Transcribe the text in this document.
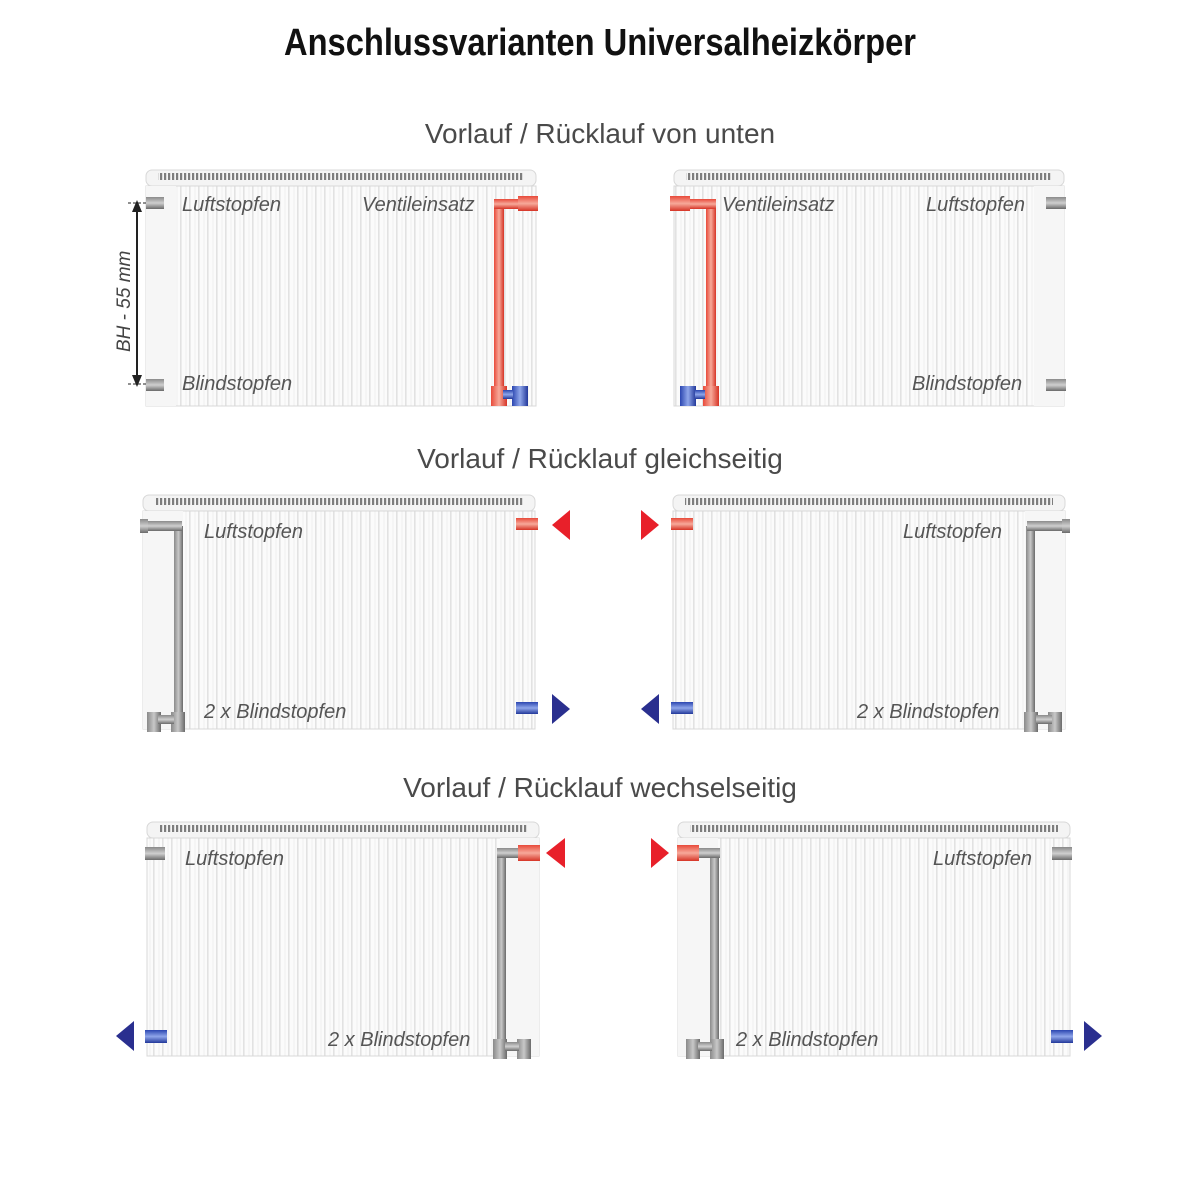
Anschlussvarianten Universalheizkörper
Vorlauf / Rücklauf von unten
Vorlauf / Rücklauf gleichseitig
Vorlauf / Rücklauf wechselseitig
BH - 55 mm
Luftstopfen	Ventileinsatz
Blindstopfen
Ventileinsatz	Luftstopfen
Blindstopfen
Luftstopfen
2 x Blindstopfen
Luftstopfen
2 x Blindstopfen
Luftstopfen
2 x Blindstopfen
Luftstopfen
2 x Blindstopfen
